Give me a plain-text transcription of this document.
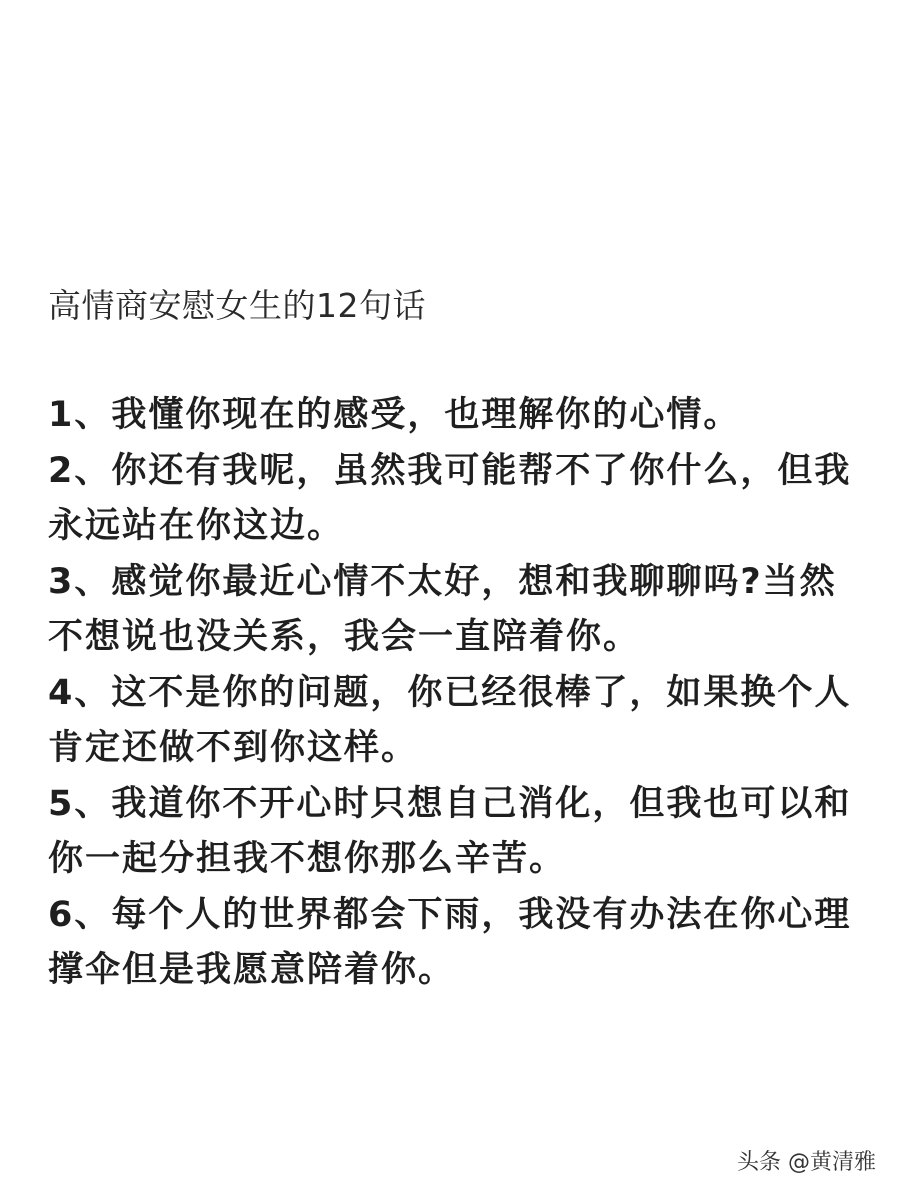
高情商安慰女生的12句话
1、我懂你现在的感受，也理解你的心情。
2、你还有我呢，虽然我可能帮不了你什么，但我
永远站在你这边。
3、感觉你最近心情不太好，想和我聊聊吗?当然
不想说也没关系，我会一直陪着你。
4、这不是你的问题，你已经很棒了，如果换个人
肯定还做不到你这样。
5、我道你不开心时只想自己消化，但我也可以和
你一起分担我不想你那么辛苦。
6、每个人的世界都会下雨，我没有办法在你心理
撑伞但是我愿意陪着你。
头条 @黄清雅
